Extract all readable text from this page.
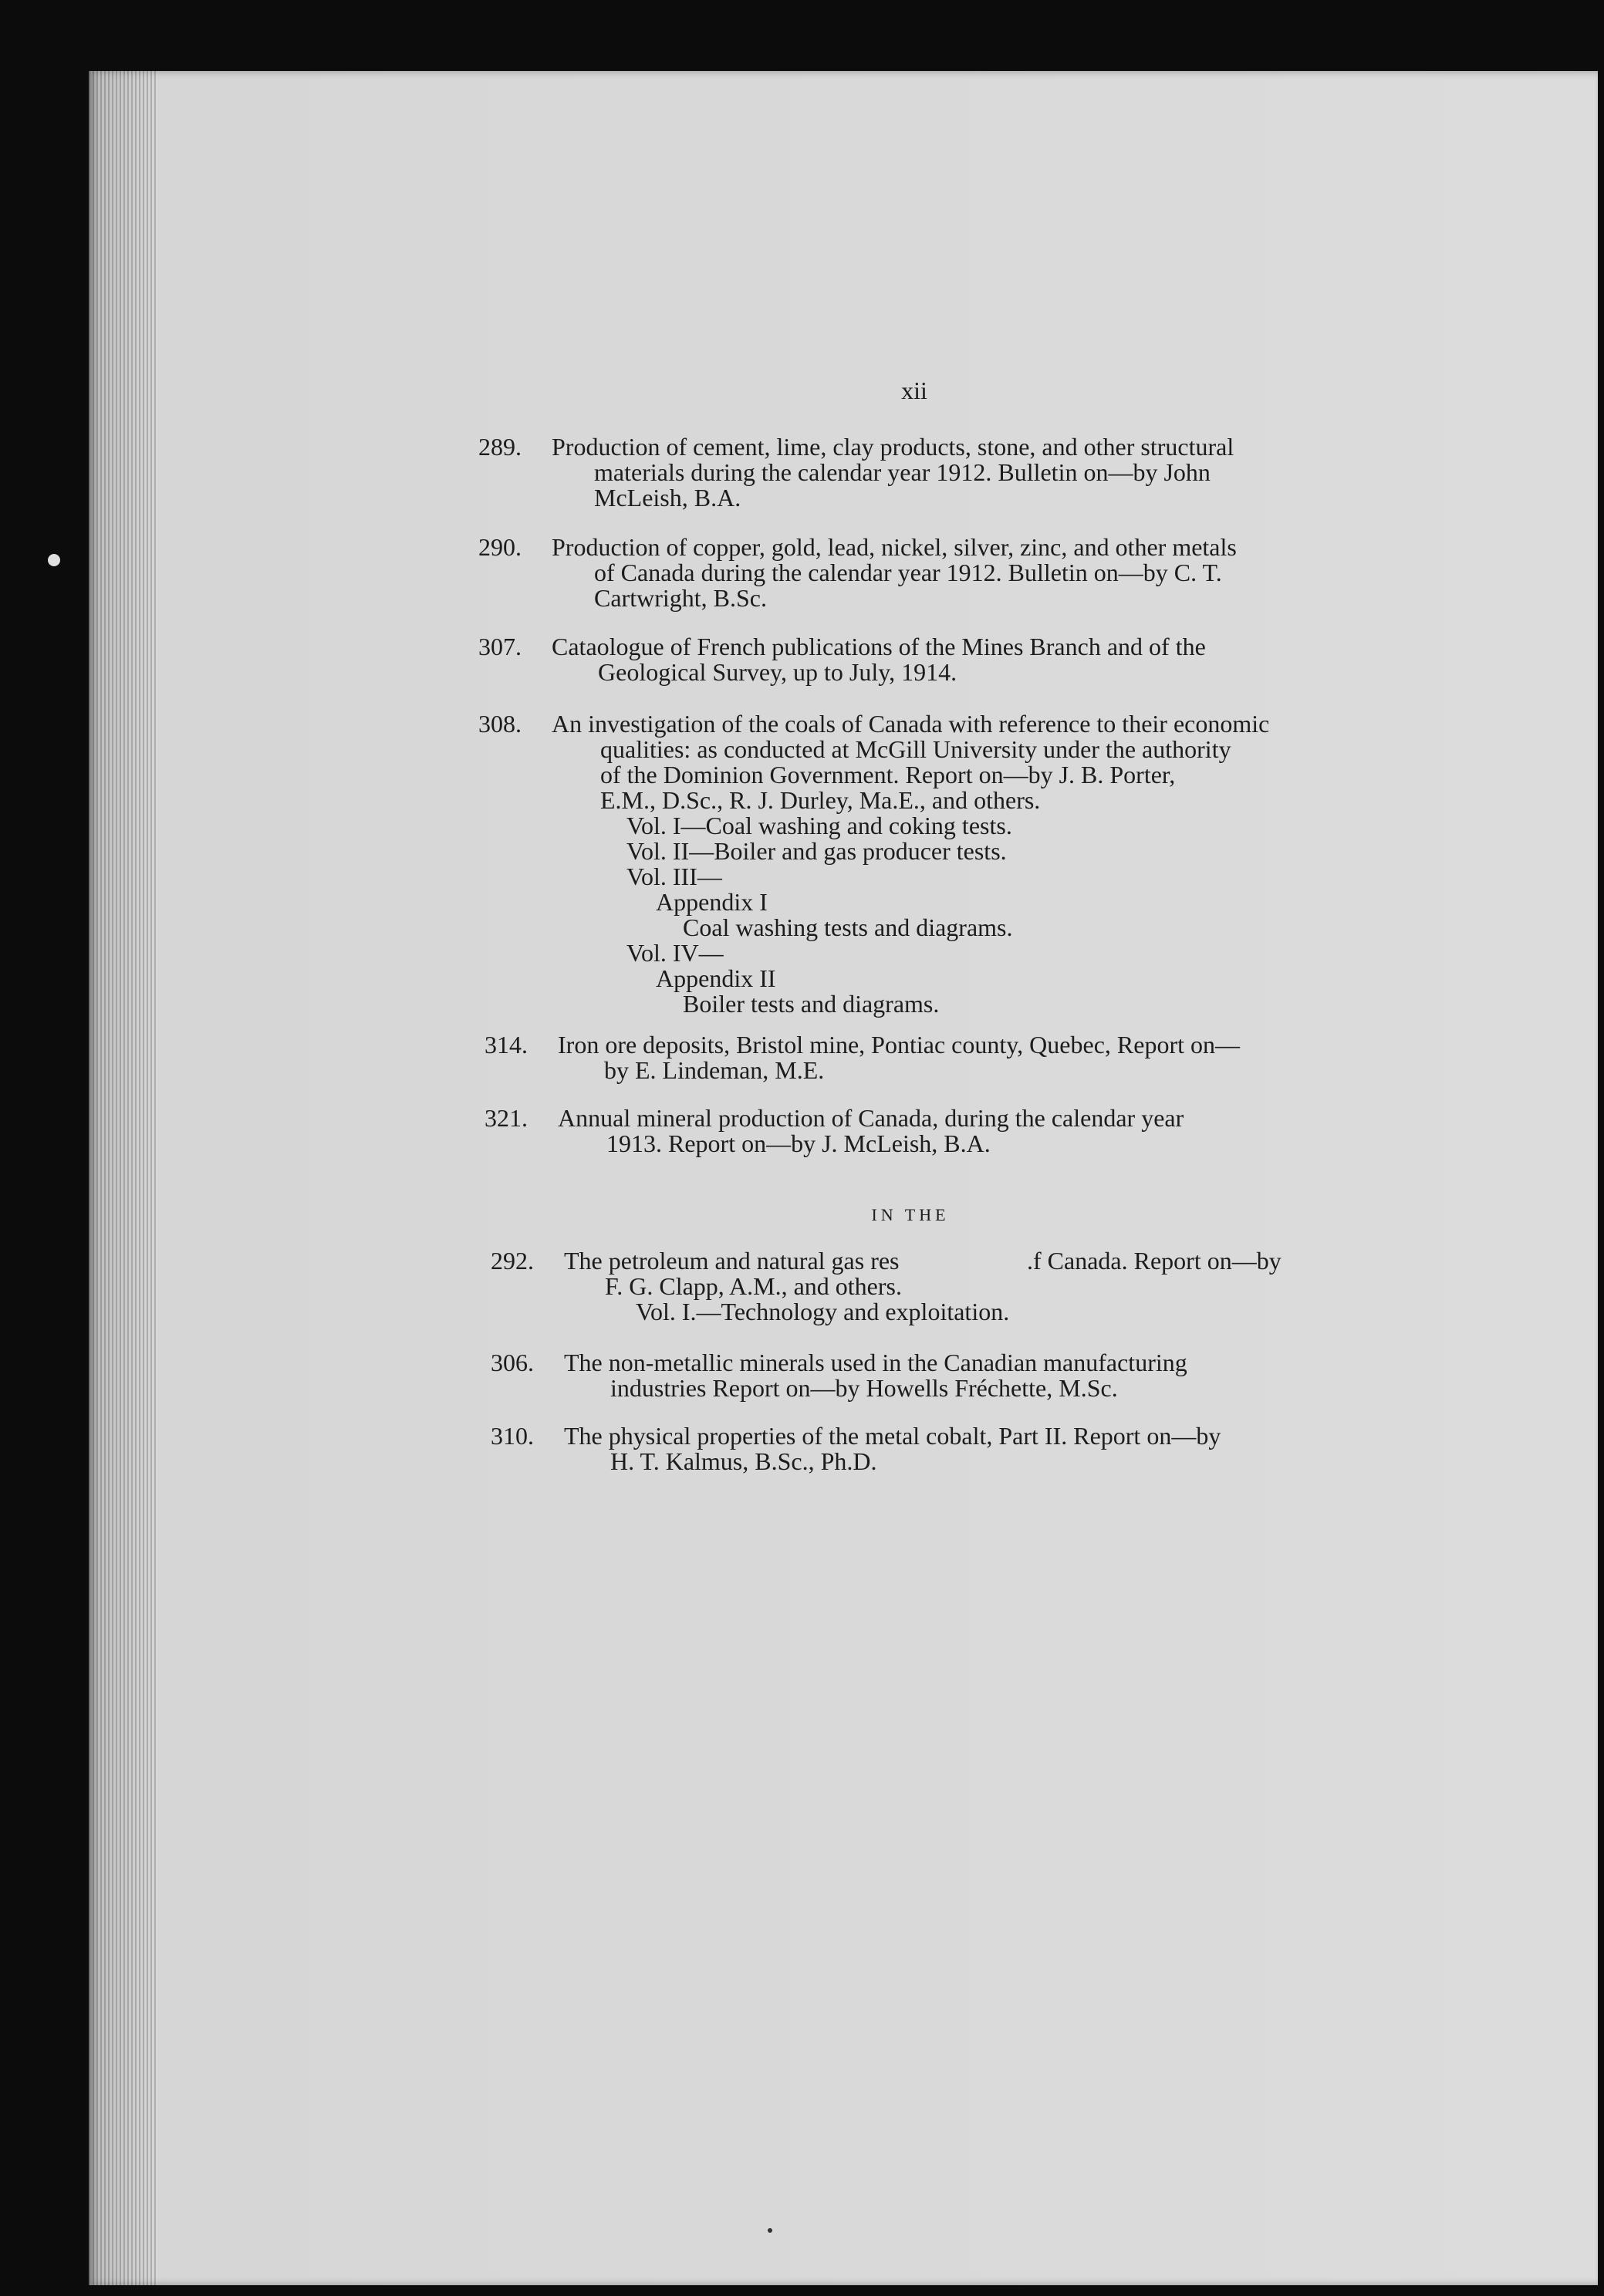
xii
289. Production of cement, lime, clay products, stone, and other structural
materials during the calendar year 1912. Bulletin on—by John
McLeish, B.A.
290. Production of copper, gold, lead, nickel, silver, zinc, and other metals
of Canada during the calendar year 1912. Bulletin on—by C. T.
Cartwright, B.Sc.
307. Cataologue of French publications of the Mines Branch and of the
Geological Survey, up to July, 1914.
308. An investigation of the coals of Canada with reference to their economic
qualities: as conducted at McGill University under the authority
of the Dominion Government. Report on—by J. B. Porter,
E.M., D.Sc., R. J. Durley, Ma.E., and others.
Vol. I—Coal washing and coking tests.
Vol. II—Boiler and gas producer tests.
Vol. III—
Appendix I
Coal washing tests and diagrams.
Vol. IV—
Appendix II
Boiler tests and diagrams.
314. Iron ore deposits, Bristol mine, Pontiac county, Quebec, Report on—
by E. Lindeman, M.E.
321. Annual mineral production of Canada, during the calendar year
1913. Report on—by J. McLeish, B.A.
IN THE
292. The petroleum and natural gas res	.f Canada. Report on—by
F. G. Clapp, A.M., and others.
Vol. I.—Technology and exploitation.
306. The non-metallic minerals used in the Canadian manufacturing
industries Report on—by Howells Fréchette, M.Sc.
310. The physical properties of the metal cobalt, Part II. Report on—by
H. T. Kalmus, B.Sc., Ph.D.
